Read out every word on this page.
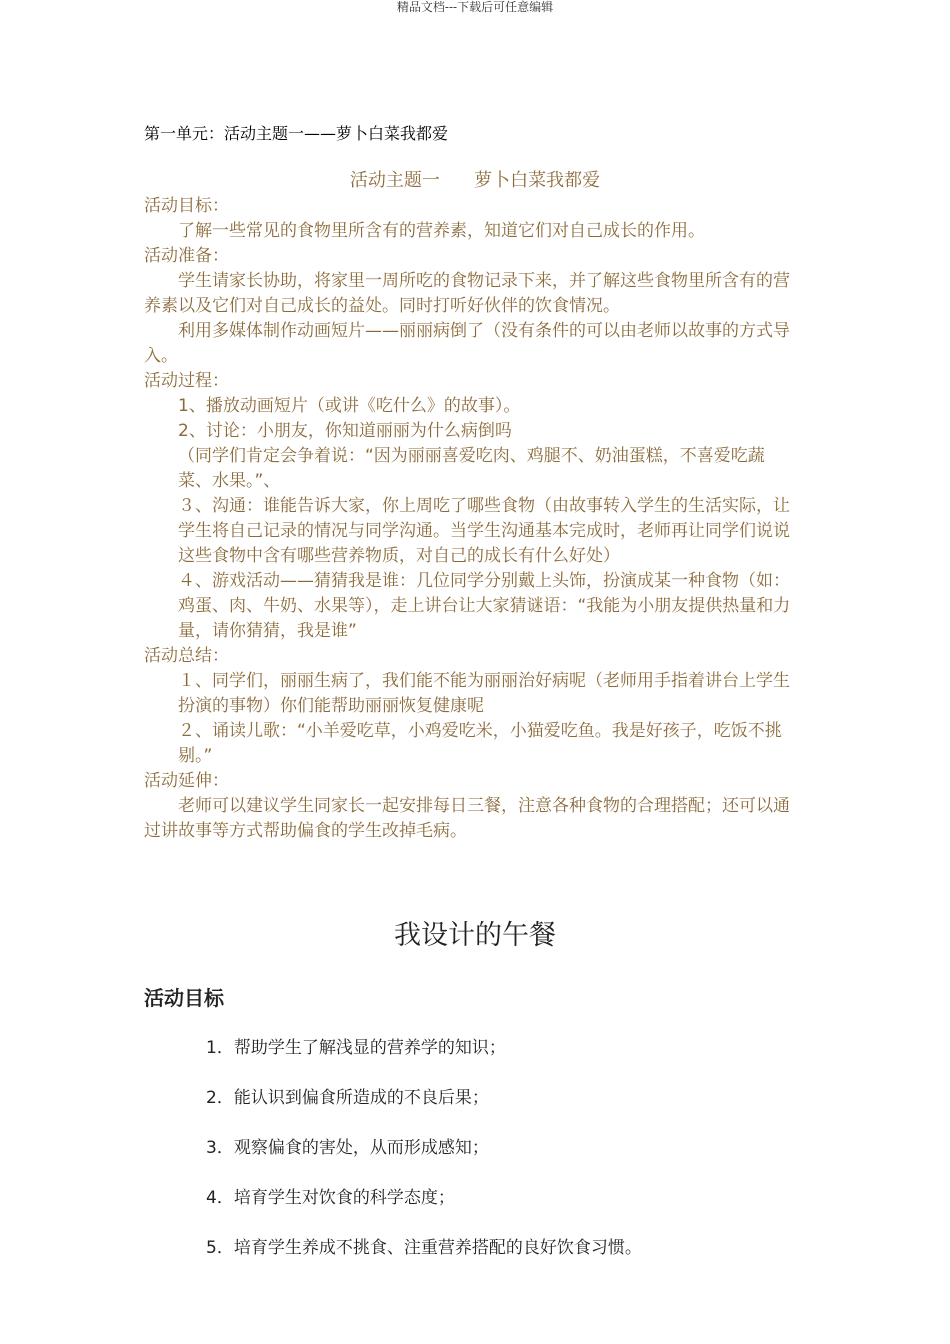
精品文档---下载后可任意编辑
第一单元：活动主题一——萝卜白菜我都爱
活动主题一      萝卜白菜我都爱
活动目标：
了解一些常见的食物里所含有的营养素，知道它们对自己成长的作用。
活动准备：
学生请家长协助，将家里一周所吃的食物记录下来，并了解这些食物里所含有的营养素以及它们对自己成长的益处。同时打听好伙伴的饮食情况。
利用多媒体制作动画短片——丽丽病倒了（没有条件的可以由老师以故事的方式导入。
活动过程：
1、播放动画短片（或讲《吃什么》的故事）。
2、讨论：小朋友，你知道丽丽为什么病倒吗
（同学们肯定会争着说：“因为丽丽喜爱吃肉、鸡腿不、奶油蛋糕，不喜爱吃蔬菜、水果。”、
３、沟通：谁能告诉大家，你上周吃了哪些食物（由故事转入学生的生活实际，让学生将自己记录的情况与同学沟通。当学生沟通基本完成时，老师再让同学们说说这些食物中含有哪些营养物质，对自己的成长有什么好处）
４、游戏活动——猜猜我是谁：几位同学分别戴上头饰，扮演成某一种食物（如：鸡蛋、肉、牛奶、水果等），走上讲台让大家猜谜语：“我能为小朋友提供热量和力量，请你猜猜，我是谁”
活动总结：
１、同学们，丽丽生病了，我们能不能为丽丽治好病呢（老师用手指着讲台上学生扮演的事物）你们能帮助丽丽恢复健康呢
２、诵读儿歌：“小羊爱吃草，小鸡爱吃米，小猫爱吃鱼。我是好孩子，吃饭不挑剔。”
活动延伸：
老师可以建议学生同家长一起安排每日三餐，注意各种食物的合理搭配；还可以通过讲故事等方式帮助偏食的学生改掉毛病。
我设计的午餐
活动目标
1．帮助学生了解浅显的营养学的知识；
2．能认识到偏食所造成的不良后果；
3．观察偏食的害处，从而形成感知；
4．培育学生对饮食的科学态度；
5．培育学生养成不挑食、注重营养搭配的良好饮食习惯。
